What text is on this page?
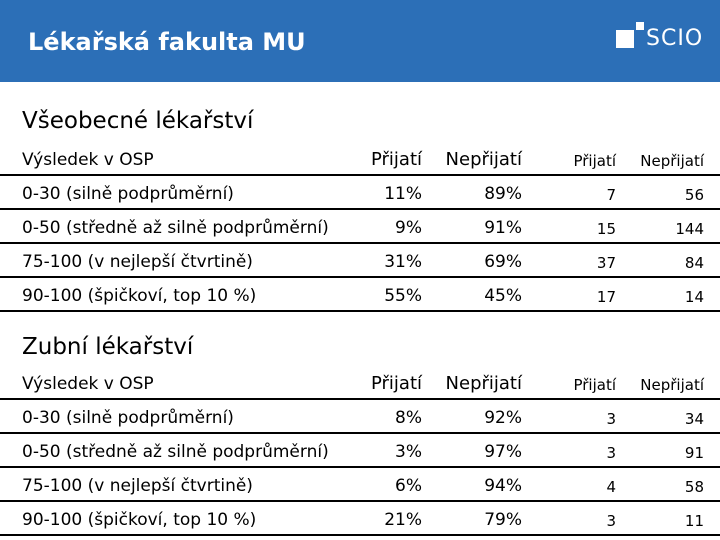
Lékařská fakulta MU	SCIO
Všeobecné lékařství
Výsledek v OSP	Přijatí Nepřijatí	Přijatí Nepřijatí
0-30 (silně podprůměrní)	11%	89%	7	56
0-50 (středně až silně podprůměrní)	9%	91%	15	144
75-100 (v nejlepší čtvrtině)	31%	69%	37	84
90-100 (špičkoví, top 10 %)	55%	45%	17	14
Zubní lékařství
Výsledek v OSP	Přijatí Nepřijatí	Přijatí Nepřijatí
0-30 (silně podprůměrní)	8%	92%	3	34
0-50 (středně až silně podprůměrní)	3%	97%	3	91
75-100 (v nejlepší čtvrtině)	6%	94%	4	58
90-100 (špičkoví, top 10 %)	21%	79%	3	11
